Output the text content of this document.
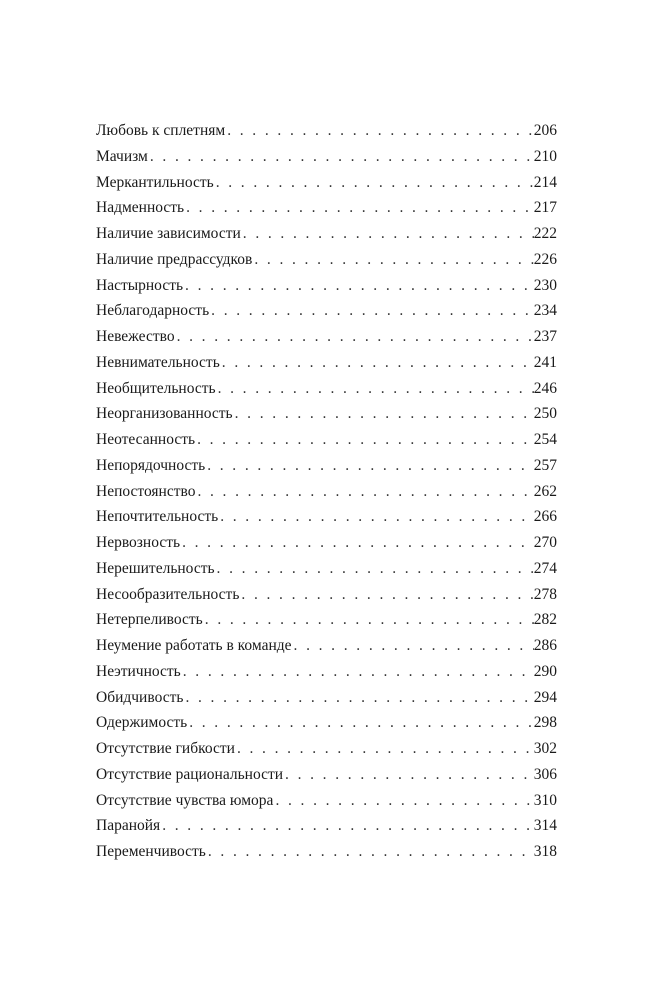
Любовь к сплетням . . .	206
Мачизм . . .	210
Меркантильность . . .	214
Надменность . . .	217
Наличие зависимости . . .	222
Наличие предрассудков . . .	226
Настырность . . .	230
Неблагодарность . . .	234
Невежество . . .	237
Невнимательность . . .	241
Необщительность . . .	246
Неорганизованность . . .	250
Неотесанность . . .	254
Непорядочность . . .	257
Непостоянство . . .	262
Непочтительность . . .	266
Нервозность . . .	270
Нерешительность . . .	274
Несообразительность . . .	278
Нетерпеливость . . .	282
Неумение работать в команде . . .	286
Неэтичность . . .	290
Обидчивость . . .	294
Одержимость . . .	298
Отсутствие гибкости . . .	302
Отсутствие рациональности . . .	306
Отсутствие чувства юмора . . .	310
Паранойя . . .	314
Переменчивость . . .	318
